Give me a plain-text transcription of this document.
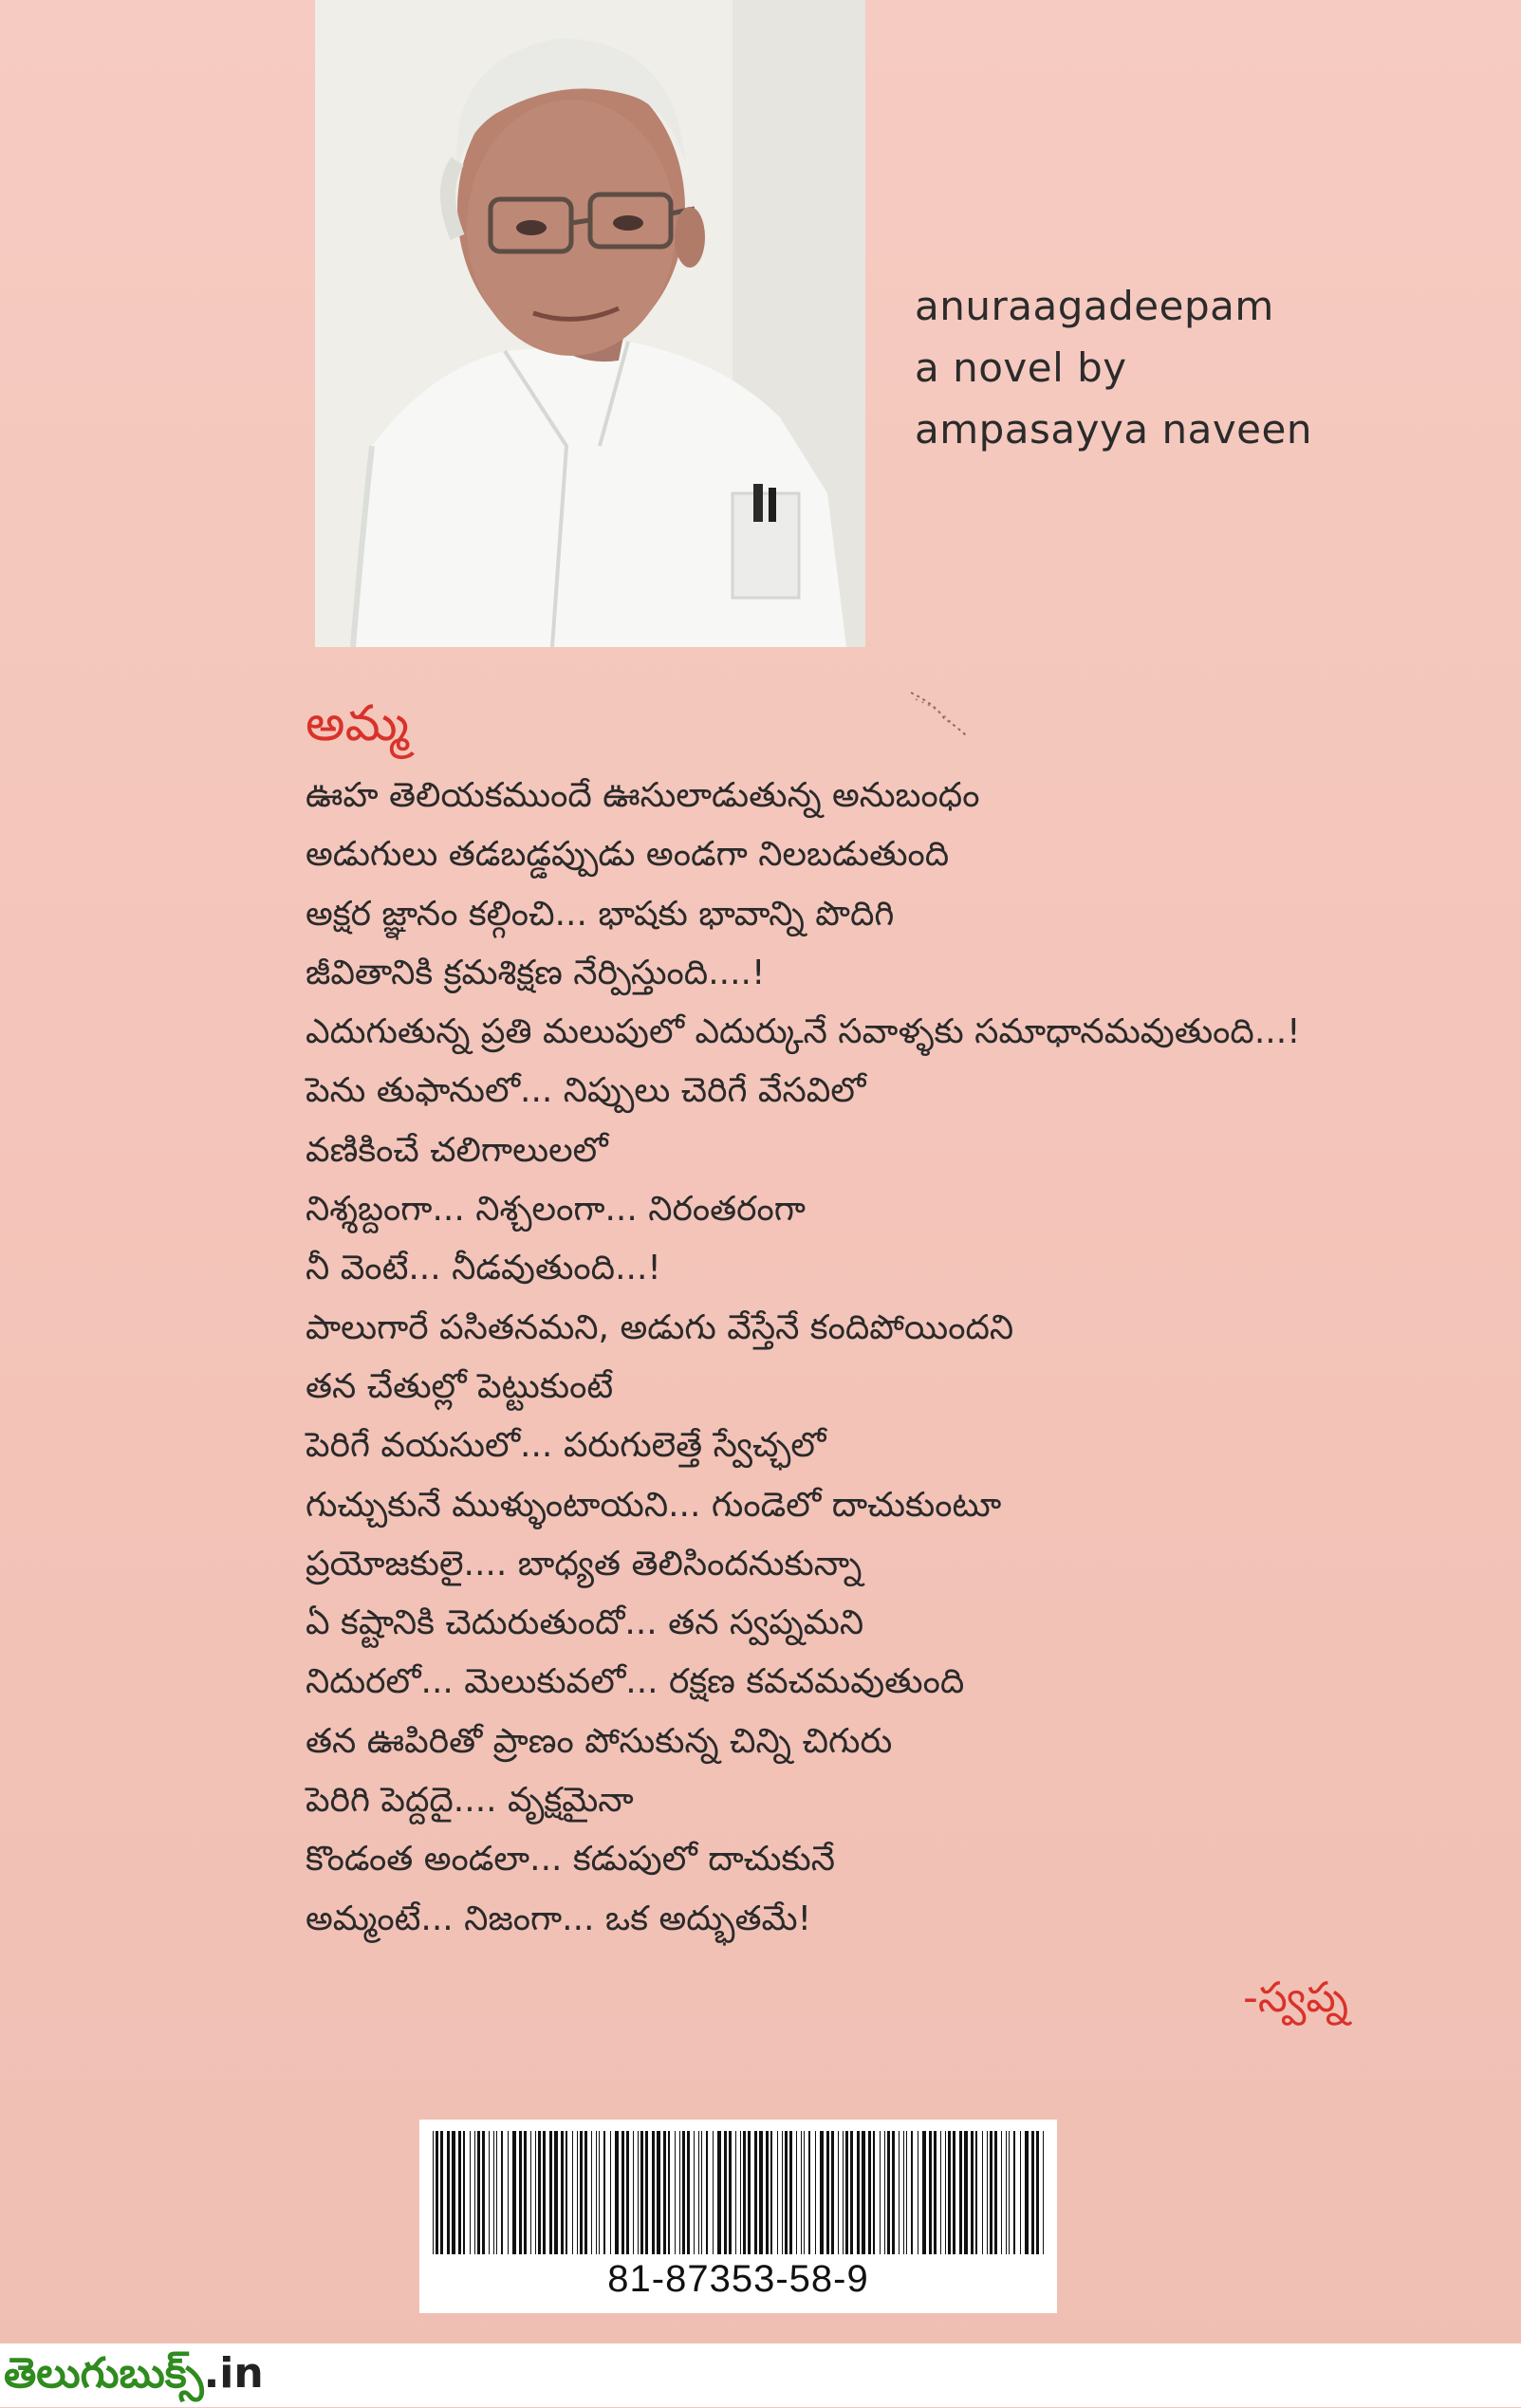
anuraagadeepam
a novel by
ampasayya naveen
అమ్మ
ఊహ తెలియకముందే ఊసులాడుతున్న అనుబంధం
అడుగులు తడబడ్డప్పుడు అండగా నిలబడుతుంది
అక్షర జ్ఞానం కల్గించి... భాషకు భావాన్ని పొదిగి
జీవితానికి క్రమశిక్షణ నేర్పిస్తుంది....!
ఎదుగుతున్న ప్రతి మలుపులో ఎదుర్కునే సవాళ్ళకు సమాధానమవుతుంది...!
పెను తుఫానులో... నిప్పులు చెరిగే వేసవిలో
వణికించే చలిగాలులలో
నిశ్శబ్దంగా... నిశ్చలంగా... నిరంతరంగా
నీ వెంటే... నీడవుతుంది...!
పాలుగారే పసితనమని, అడుగు వేస్తేనే కందిపోయిందని
తన చేతుల్లో పెట్టుకుంటే
పెరిగే వయసులో... పరుగులెత్తే స్వేచ్ఛలో
గుచ్చుకునే ముళ్ళుంటాయని... గుండెలో దాచుకుంటూ
ప్రయోజకులై.... బాధ్యత తెలిసిందనుకున్నా
ఏ కష్టానికి చెదురుతుందో... తన స్వప్నమని
నిదురలో... మెలుకువలో... రక్షణ కవచమవుతుంది
తన ఊపిరితో ప్రాణం పోసుకున్న చిన్ని చిగురు
పెరిగి పెద్దదై.... వృక్షమైనా
కొండంత అండలా... కడుపులో దాచుకునే
అమ్మంటే... నిజంగా... ఒక అద్భుతమే!
-స్వప్న
81-87353-58-9
తెలుగుబుక్స్.in
